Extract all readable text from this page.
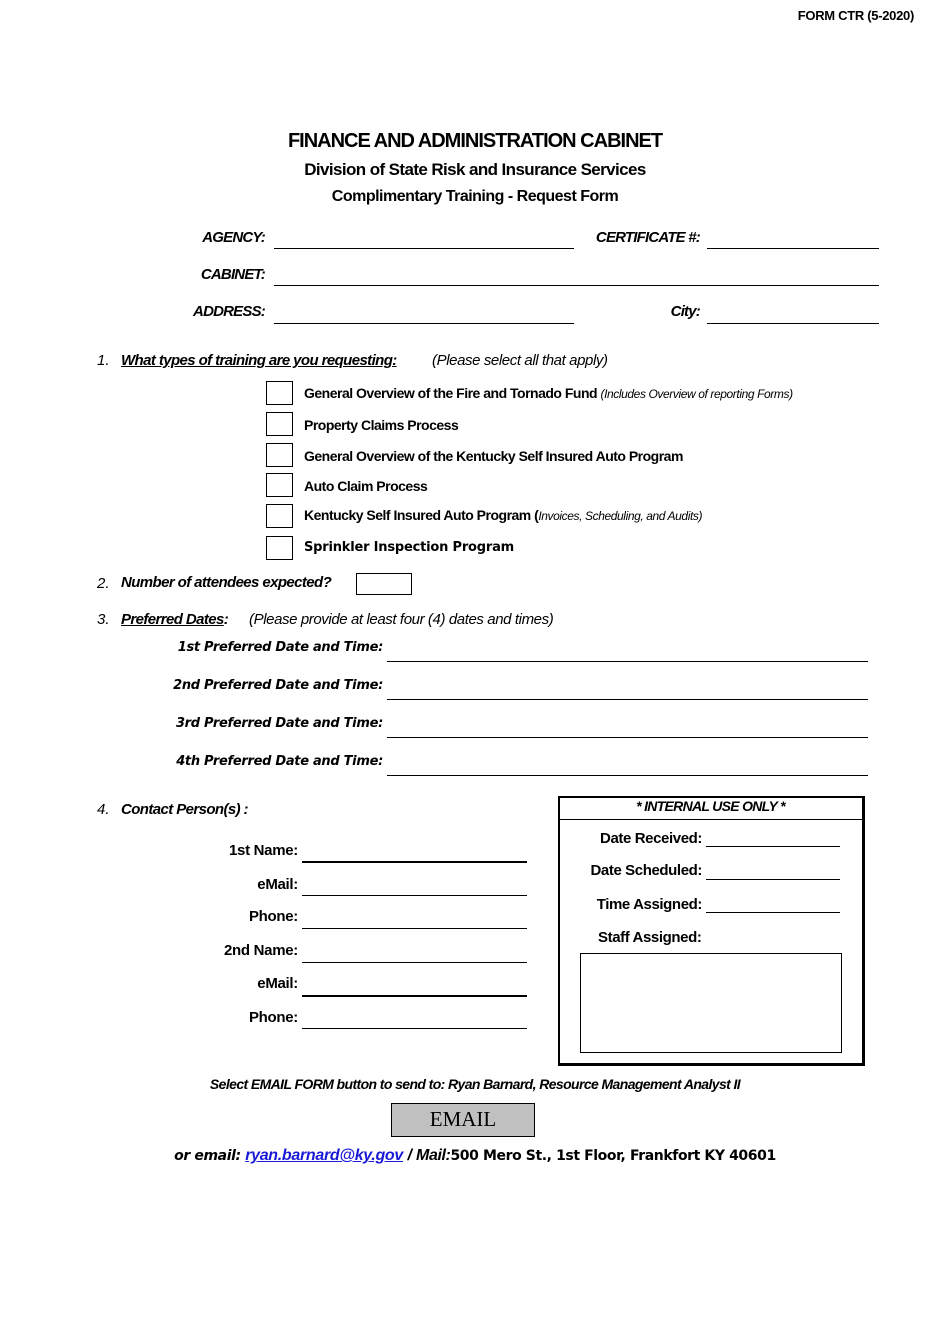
FORM CTR (5-2020)
FINANCE AND ADMINISTRATION CABINET
Division of State Risk and Insurance Services
Complimentary Training - Request Form
AGENCY:	CERTIFICATE #:
CABINET:
ADDRESS:	City:
1. What types of training are you requesting: (Please select all that apply)
General Overview of the Fire and Tornado Fund (Includes Overview of reporting Forms)
Property Claims Process
General Overview of the Kentucky Self Insured Auto Program
Auto Claim Process
Kentucky Self Insured Auto Program (Invoices, Scheduling, and Audits)
Sprinkler Inspection Program
2. Number of attendees expected?
3. Preferred Dates: (Please provide at least four (4) dates and times)
1st Preferred Date and Time:
2nd Preferred Date and Time:
3rd Preferred Date and Time:
4th Preferred Date and Time:
4. Contact Person(s) :
1st Name:
eMail:
Phone:
2nd Name:
eMail:
Phone:
* INTERNAL USE ONLY *
Date Received:
Date Scheduled:
Time Assigned:
Staff Assigned:
Select EMAIL FORM button to send to: Ryan Barnard, Resource Management Analyst II
EMAIL
or email: ryan.barnard@ky.gov / Mail:500 Mero St., 1st Floor, Frankfort KY 40601
